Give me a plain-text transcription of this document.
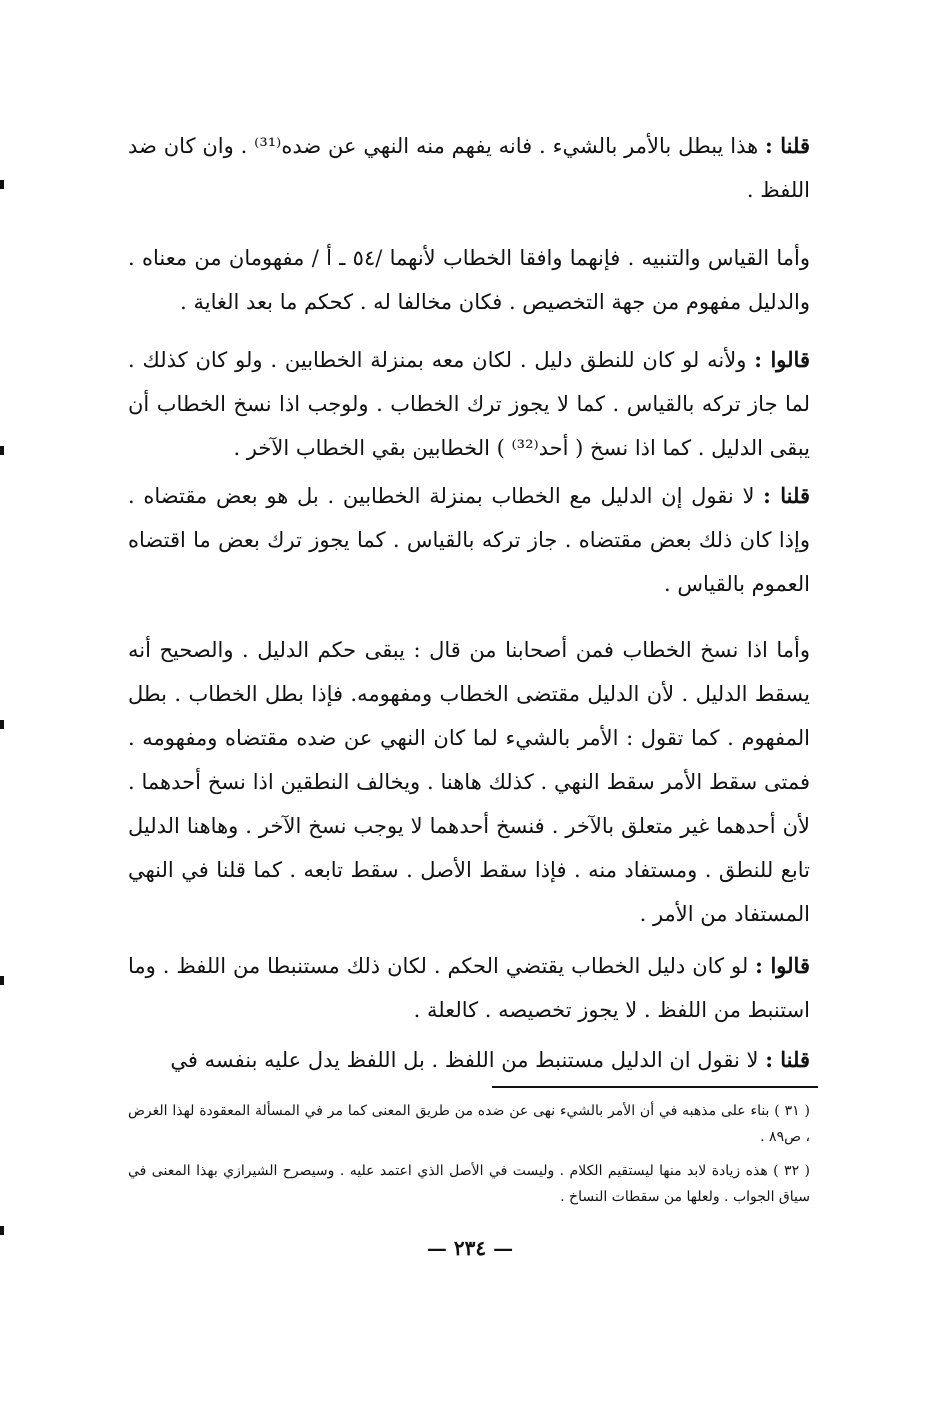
قلنا : هذا يبطل بالأمر بالشيء . فانه يفهم منه النهي عن ضده⁽³¹⁾ . وان كان ضد اللفظ .
وأما القياس والتنبيه . فإنهما وافقا الخطاب لأنهما /٥٤ ـ أ / مفهومان من معناه . والدليل مفهوم من جهة التخصيص . فكان مخالفا له . كحكم ما بعد الغاية .
قالوا : ولأنه لو كان للنطق دليل . لكان معه بمنزلة الخطابين . ولو كان كذلك . لما جاز تركه بالقياس . كما لا يجوز ترك الخطاب . ولوجب اذا نسخ الخطاب أن يبقى الدليل . كما اذا نسخ ( أحد⁽³²⁾ ) الخطابين بقي الخطاب الآخر .
قلنا : لا نقول إن الدليل مع الخطاب بمنزلة الخطابين . بل هو بعض مقتضاه . وإذا كان ذلك بعض مقتضاه . جاز تركه بالقياس . كما يجوز ترك بعض ما اقتضاه العموم بالقياس .
وأما اذا نسخ الخطاب فمن أصحابنا من قال : يبقى حكم الدليل . والصحيح أنه يسقط الدليل . لأن الدليل مقتضى الخطاب ومفهومه. فإذا بطل الخطاب . بطل المفهوم . كما تقول : الأمر بالشيء لما كان النهي عن ضده مقتضاه ومفهومه . فمتى سقط الأمر سقط النهي . كذلك هاهنا . ويخالف النطقين اذا نسخ أحدهما . لأن أحدهما غير متعلق بالآخر . فنسخ أحدهما لا يوجب نسخ الآخر . وهاهنا الدليل تابع للنطق . ومستفاد منه . فإذا سقط الأصل . سقط تابعه . كما قلنا في النهي المستفاد من الأمر .
قالوا : لو كان دليل الخطاب يقتضي الحكم . لكان ذلك مستنبطا من اللفظ . وما استنبط من اللفظ . لا يجوز تخصيصه . كالعلة .
قلنا : لا نقول ان الدليل مستنبط من اللفظ . بل اللفظ يدل عليه بنفسه في
( ٣١ ) بناء على مذهبه في أن الأمر بالشيء نهى عن ضده من طريق المعنى كما مر في المسألة المعقودة لهذا الغرض ، ص٨٩ .
( ٣٢ ) هذه زيادة لابد منها ليستقيم الكلام . وليست في الأصل الذي اعتمد عليه . وسيصرح الشيرازي بهذا المعنى في سياق الجواب . ولعلها من سقطات النساخ .
— ٢٣٤ —
